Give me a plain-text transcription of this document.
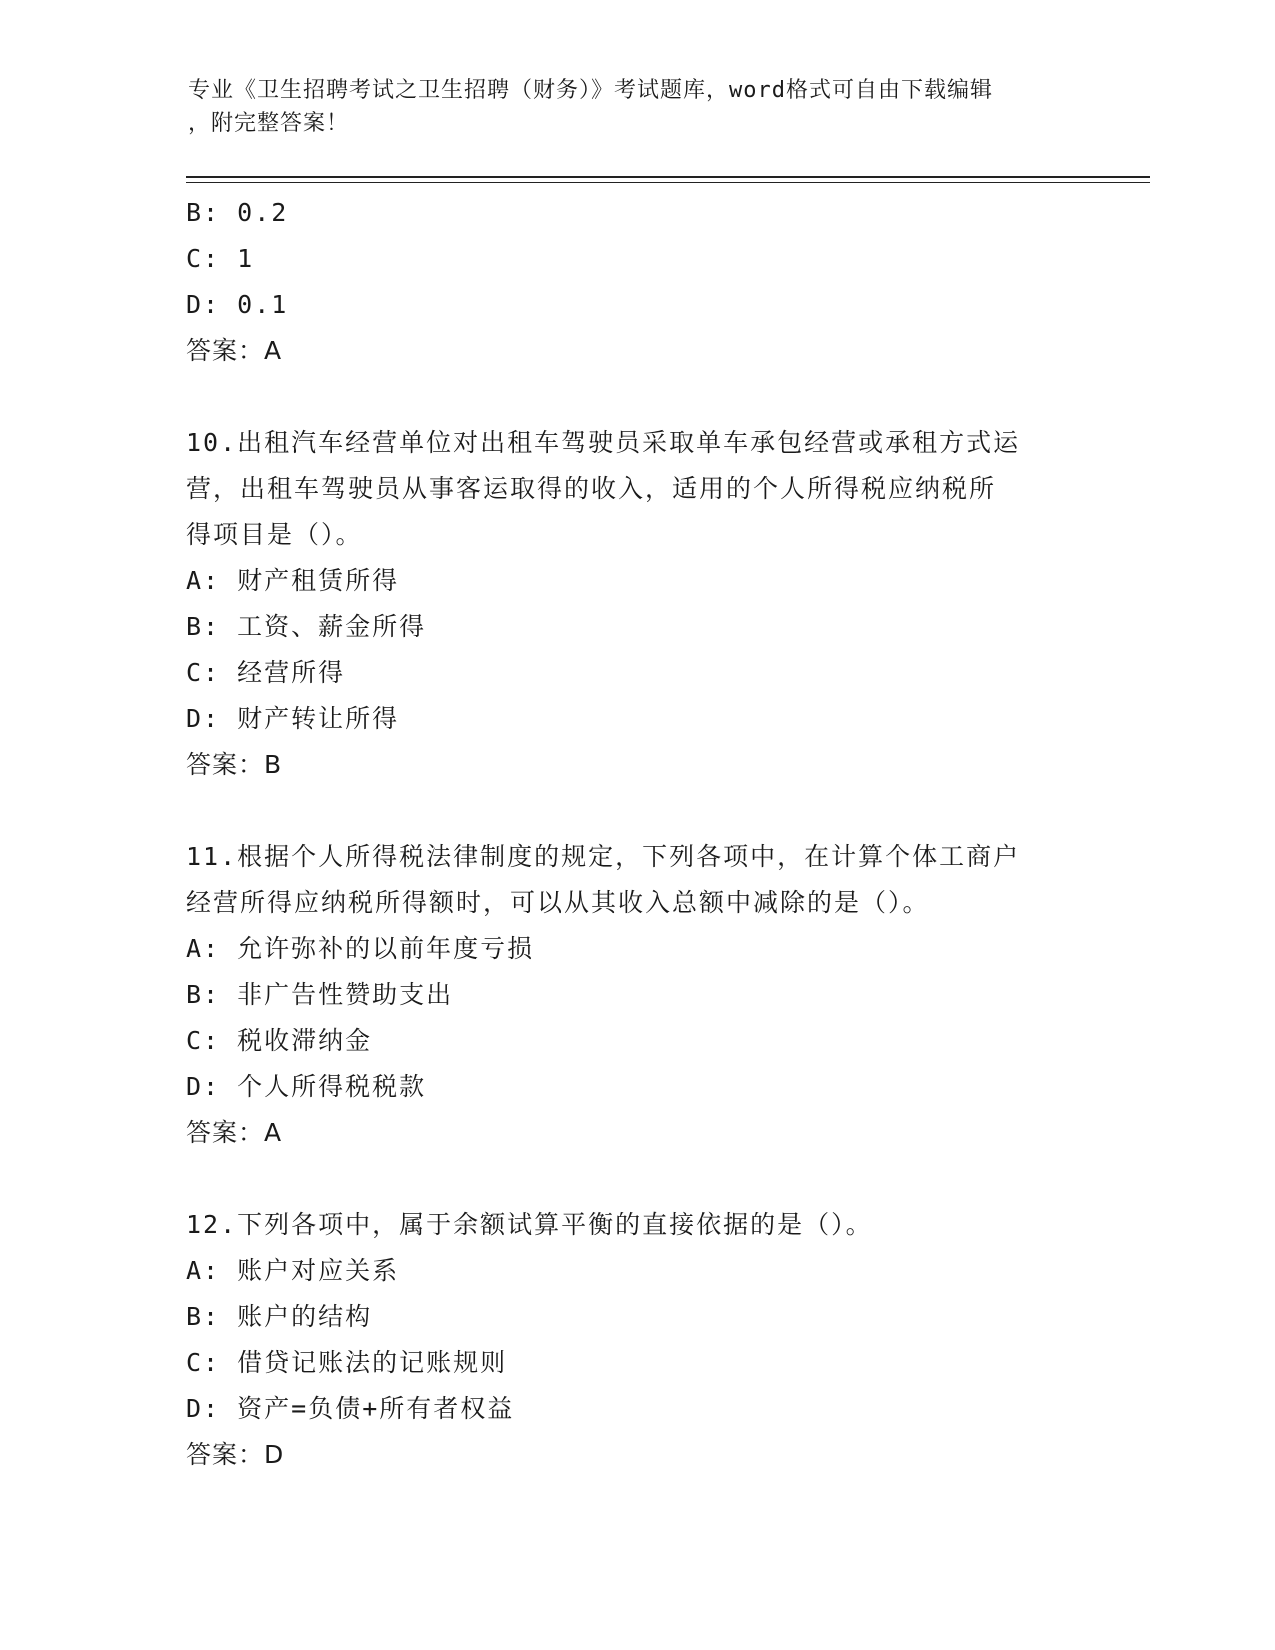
专业《卫生招聘考试之卫生招聘（财务）》考试题库，word格式可自由下载编辑
，附完整答案！
B: 0.2
C: 1
D: 0.1
答案：A
10.出租汽车经营单位对出租车驾驶员采取单车承包经营或承租方式运
营，出租车驾驶员从事客运取得的收入，适用的个人所得税应纳税所
得项目是（）。
A: 财产租赁所得
B: 工资、薪金所得
C: 经营所得
D: 财产转让所得
答案：B
11.根据个人所得税法律制度的规定，下列各项中，在计算个体工商户
经营所得应纳税所得额时，可以从其收入总额中减除的是（）。
A: 允许弥补的以前年度亏损
B: 非广告性赞助支出
C: 税收滞纳金
D: 个人所得税税款
答案：A
12.下列各项中，属于余额试算平衡的直接依据的是（）。
A: 账户对应关系
B: 账户的结构
C: 借贷记账法的记账规则
D: 资产=负债+所有者权益
答案：D
